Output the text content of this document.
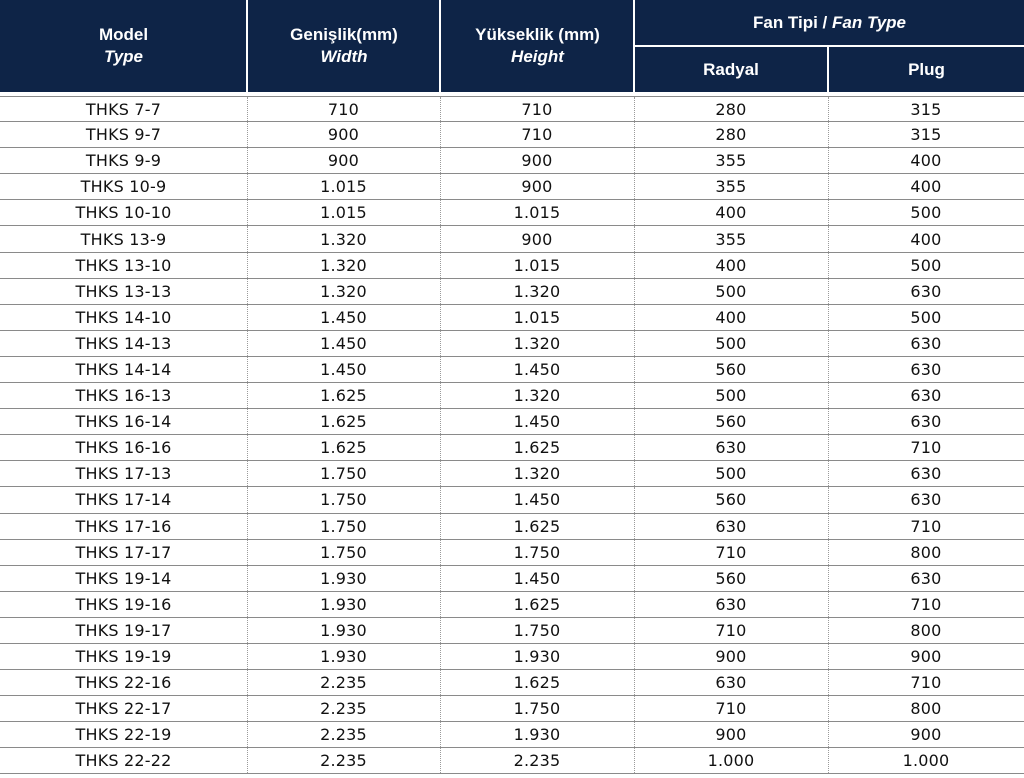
Model
Type
Genişlik(mm)
Width
Yükseklik (mm)
Height
Fan Tipi / Fan Type
Radyal	Plug
THKS 7-7	710	710	280	315
THKS 9-7	900	710	280	315
THKS 9-9	900	900	355	400
THKS 10-9	1.015	900	355	400
THKS 10-10	1.015	1.015	400	500
THKS 13-9	1.320	900	355	400
THKS 13-10	1.320	1.015	400	500
THKS 13-13	1.320	1.320	500	630
THKS 14-10	1.450	1.015	400	500
THKS 14-13	1.450	1.320	500	630
THKS 14-14	1.450	1.450	560	630
THKS 16-13	1.625	1.320	500	630
THKS 16-14	1.625	1.450	560	630
THKS 16-16	1.625	1.625	630	710
THKS 17-13	1.750	1.320	500	630
THKS 17-14	1.750	1.450	560	630
THKS 17-16	1.750	1.625	630	710
THKS 17-17	1.750	1.750	710	800
THKS 19-14	1.930	1.450	560	630
THKS 19-16	1.930	1.625	630	710
THKS 19-17	1.930	1.750	710	800
THKS 19-19	1.930	1.930	900	900
THKS 22-16	2.235	1.625	630	710
THKS 22-17	2.235	1.750	710	800
THKS 22-19	2.235	1.930	900	900
THKS 22-22	2.235	2.235	1.000	1.000
